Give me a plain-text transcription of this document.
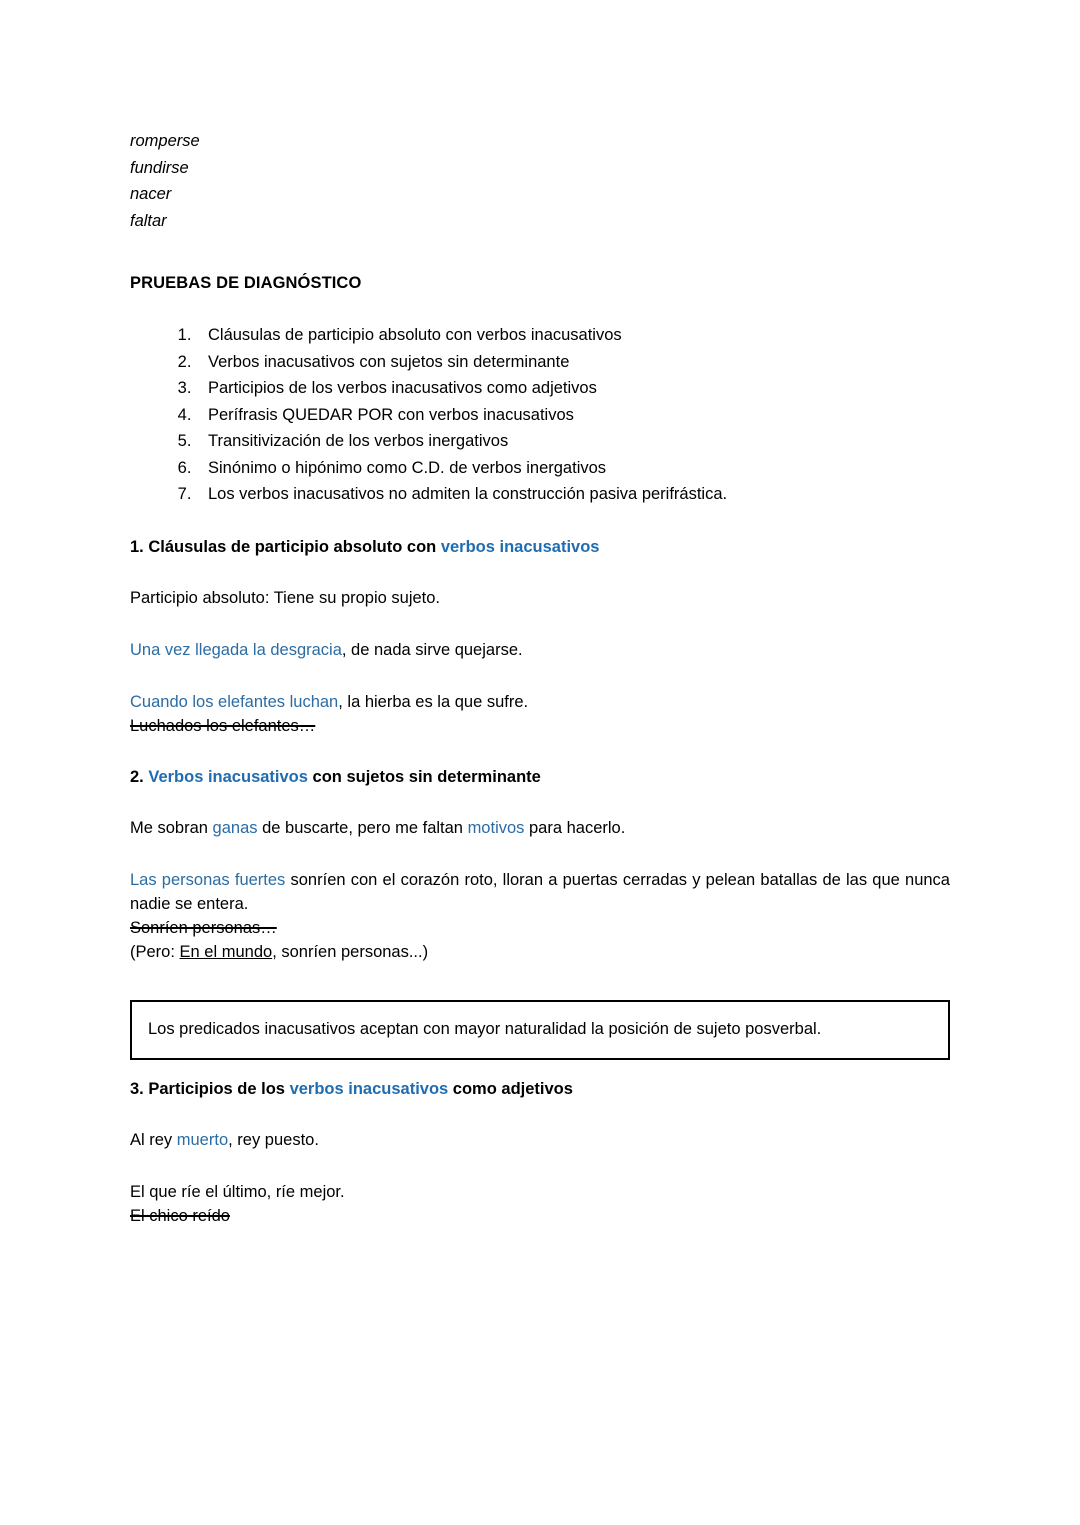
romperse
fundirse
nacer
faltar
PRUEBAS DE DIAGNÓSTICO
1. Cláusulas de participio absoluto con verbos inacusativos
2. Verbos inacusativos con sujetos sin determinante
3. Participios de los verbos inacusativos como adjetivos
4. Perífrasis QUEDAR POR con verbos inacusativos
5. Transitivización de los verbos inergativos
6. Sinónimo o hipónimo como C.D. de verbos inergativos
7. Los verbos inacusativos no admiten la construcción pasiva perifrástica.
1. Cláusulas de participio absoluto con verbos inacusativos

Participio absoluto: Tiene su propio sujeto.

Una vez llegada la desgracia, de nada sirve quejarse.

Cuando los elefantes luchan, la hierba es la que sufre.

Luchados los elefantes…

2. Verbos inacusativos con sujetos sin determinante

Me sobran ganas de buscarte, pero me faltan motivos para hacerlo.

Las personas fuertes sonríen con el corazón roto, lloran a puertas cerradas y pelean batallas de las que nunca nadie se entera.

Sonríen personas…

(Pero: En el mundo, sonríen personas...)

Los predicados inacusativos aceptan con mayor naturalidad la posición de sujeto posverbal.

3. Participios de los verbos inacusativos como adjetivos

Al rey muerto, rey puesto.

El que ríe el último, ríe mejor.

El chico reído
